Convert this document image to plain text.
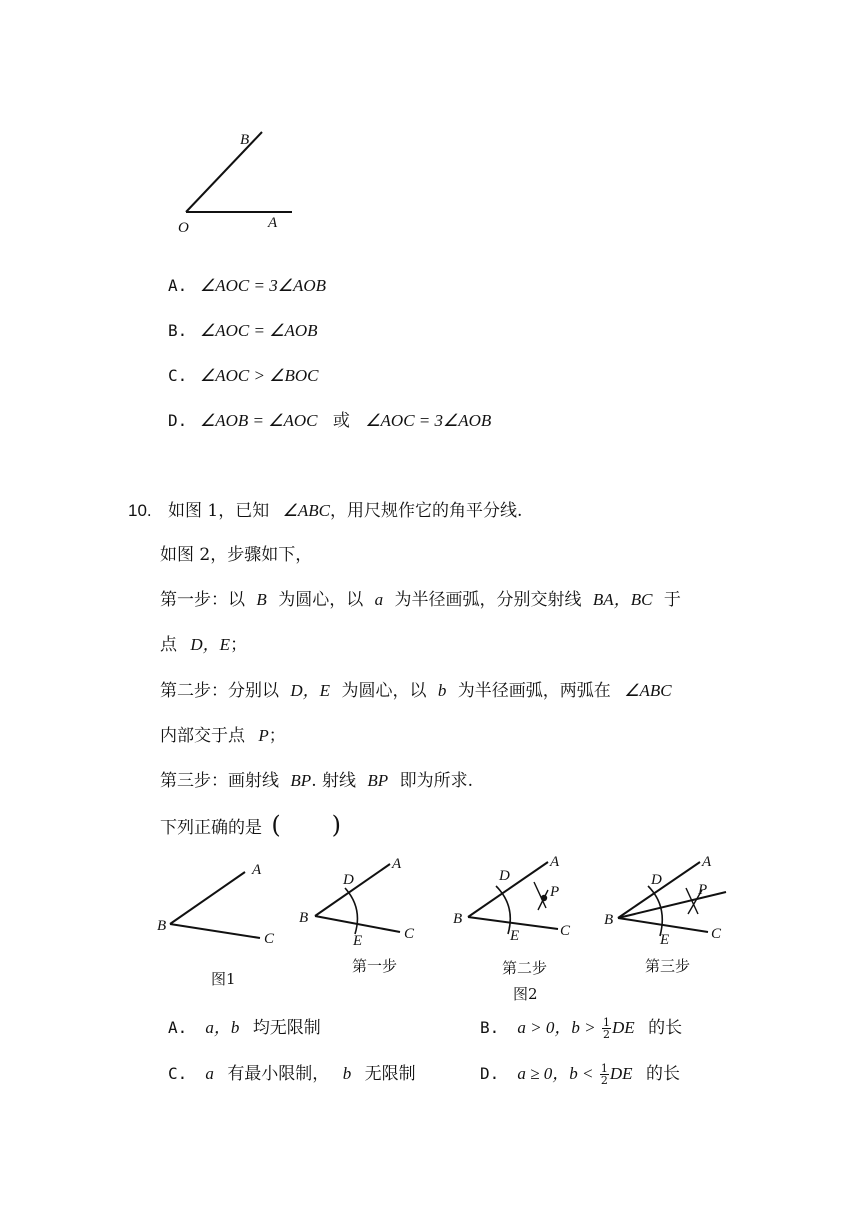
B
O	A
A. ∠AOC = 3∠AOB
B. ∠AOC = ∠AOB
C. ∠AOC > ∠BOC
D. ∠AOB = ∠AOC 或 ∠AOC = 3∠AOB
10. 如图 1，已知 ∠ABC，用尺规作它的角平分线.
如图 2，步骤如下，
第一步：以 B 为圆心，以 a 为半径画弧，分别交射线 BA，BC 于
点 D，E；
第二步：分别以 D，E 为圆心，以 b 为半径画弧，两弧在 ∠ABC
内部交于点 P；
第三步：画射线 BP. 射线 BP 即为所求.
下列正确的是 ( )
A
B
C
图1
A
B
C
D
E
第一步
A
B
C
D
E
P
第二步
图2
A
B
C
D
E
P
第三步
A. a，b 均无限制	B. a > 0，$b > \frac{1}{2}$ DE 的长
C. a 有最小限制， b 无限制	D. a ≥ 0，$b < \frac{1}{2}$ DE 的长
